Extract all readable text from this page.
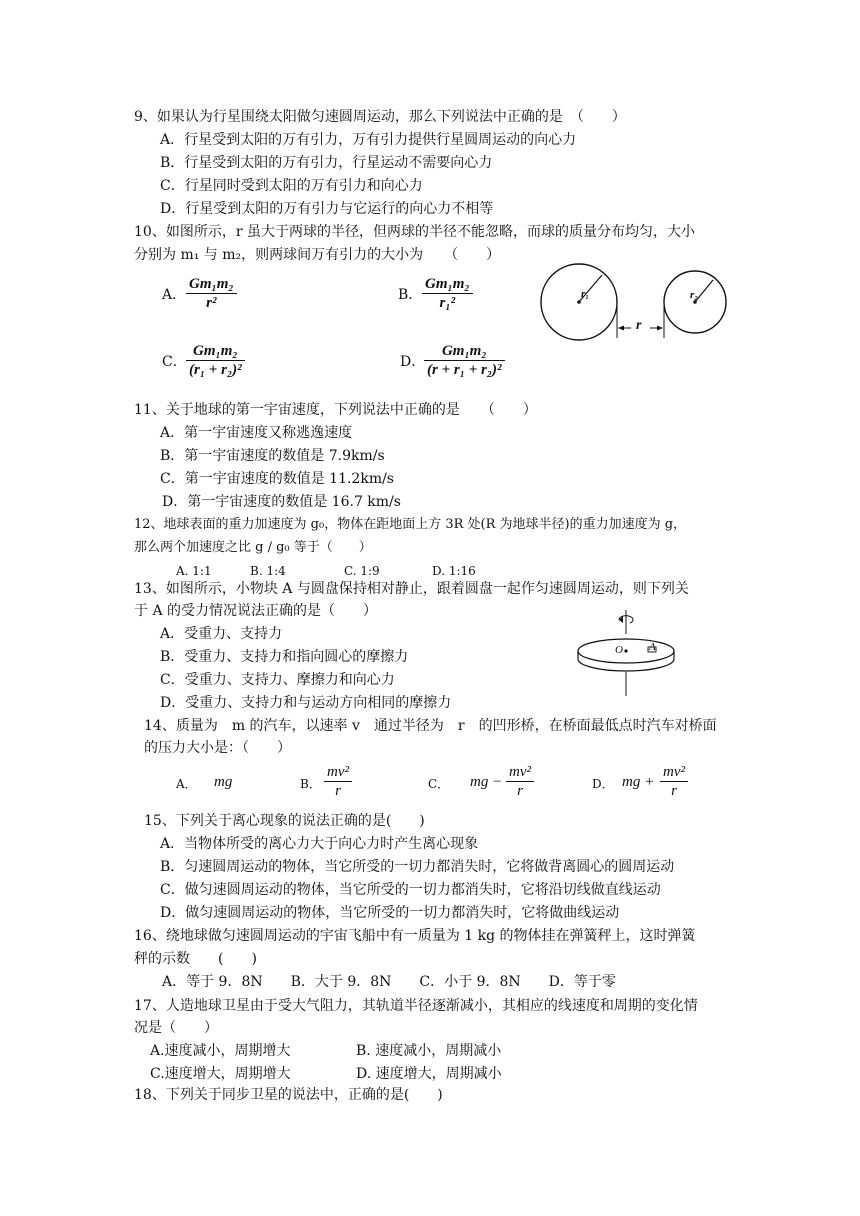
9、如果认为行星围绕太阳做匀速圆周运动，那么下列说法中正确的是　（　　）
A．行星受到太阳的万有引力，万有引力提供行星圆周运动的向心力
B．行星受到太阳的万有引力，行星运动不需要向心力
C．行星同时受到太阳的万有引力和向心力
D．行星受到太阳的万有引力与它运行的向心力不相等
10、如图所示，r 虽大于两球的半径，但两球的半径不能忽略，而球的质量分布均匀，大小
分别为 m₁ 与 m₂，则两球间万有引力的大小为　　（　　）
A． $\frac{\text{Gm₁m₂}}{\text{r²}}$	B． $\frac{\text{Gm₁m₂}}{\text{r₁²}}$
C． $\frac{\text{Gm₁m₂}}{\text{(r₁ + r₂)²}}$	D．
$\frac{\text{Gm₁m₂}}{\text{(r + r₁ + r₂)²}}$
r₁	r₂
r
11、关于地球的第一宇宙速度，下列说法中正确的是　　（　　）
A．第一宇宙速度又称逃逸速度
B．第一宇宙速度的数值是 7.9km/s
C．第一宇宙速度的数值是 11.2km/s
D．第一宇宙速度的数值是 16.7 km/s
12、地球表面的重力加速度为 g₀，物体在距地面上方 3R 处(R 为地球半径)的重力加速度为 g，
那么两个加速度之比 g / g₀ 等于（　　）
A. 1:1	B. 1:4	C. 1:9	D. 1:16
13、如图所示，小物块 A 与圆盘保持相对静止，跟着圆盘一起作匀速圆周运动，则下列关
于 A 的受力情况说法正确的是（　　）
A．受重力、支持力
B．受重力、支持力和指向圆心的摩擦力
C．受重力、支持力、摩擦力和向心力
D．受重力、支持力和与运动方向相同的摩擦力
O A
14、质量为　m 的汽车，以速率 v　通过半径为　r　的凹形桥，在桥面最低点时汽车对桥面
的压力大小是：（　　）
A． mg	B． $\frac{\text{mv²}}{r}$	C． mg − $\frac{\text{mv²}}{r}$	D． mg + $\frac{\text{mv²}}{r}$
15、下列关于离心现象的说法正确的是(　　)
A．当物体所受的离心力大于向心力时产生离心现象
B．匀速圆周运动的物体，当它所受的一切力都消失时，它将做背离圆心的圆周运动
C．做匀速圆周运动的物体，当它所受的一切力都消失时，它将沿切线做直线运动
D．做匀速圆周运动的物体，当它所受的一切力都消失时，它将做曲线运动
16、绕地球做匀速圆周运动的宇宙飞船中有一质量为 1 kg 的物体挂在弹簧秤上，这时弹簧
秤的示数　　(　　)
A．等于 9．8N　　B．大于 9．8N　　C．小于 9．8N　　D．等于零
17、人造地球卫星由于受大气阻力，其轨道半径逐渐减小，其相应的线速度和周期的变化情
况是（　　）
A.速度减小，周期增大	B. 速度减小，周期减小
C.速度增大，周期增大	D. 速度增大，周期减小
18、下列关于同步卫星的说法中，正确的是(　　)
